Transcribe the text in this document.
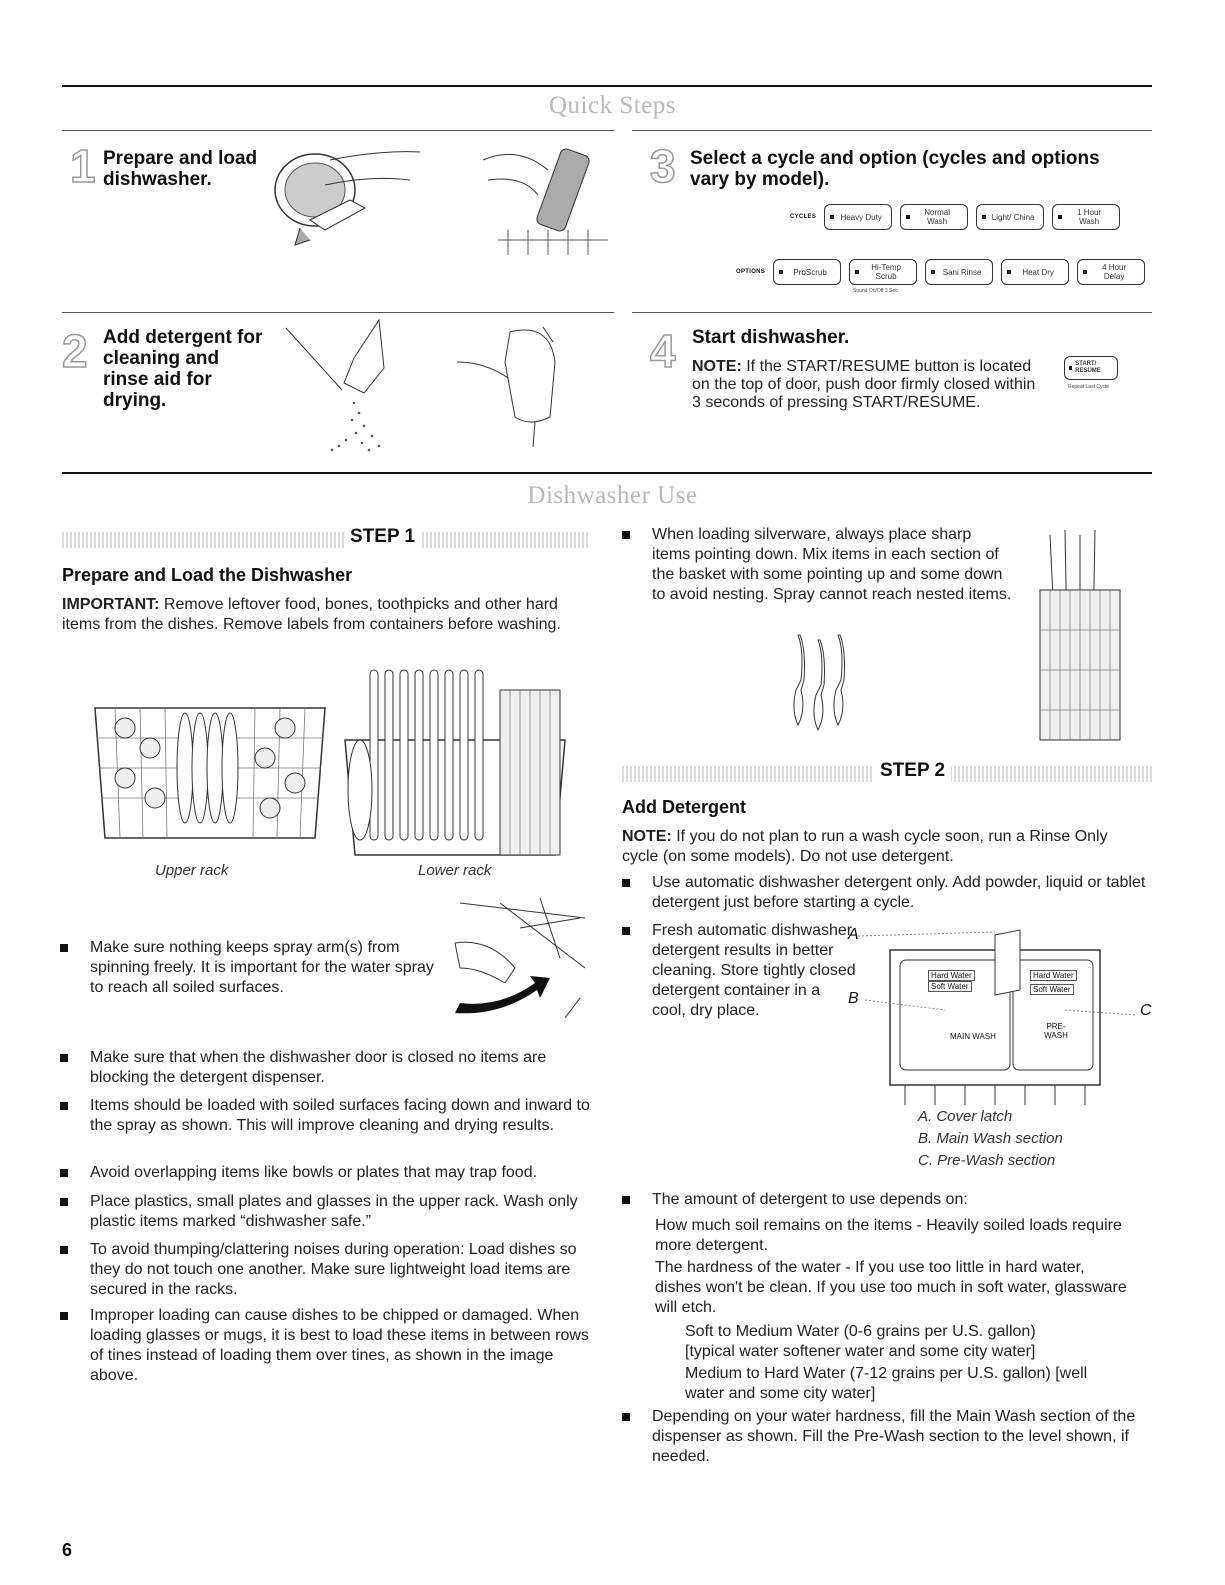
Quick Steps
1 Prepare and load dishwasher.	3 Select a cycle and option (cycles and options vary by model).
CYCLES	Heavy Duty	Normal Wash	Light/ China	1 Hour Wash
OPTIONS	ProScrub	Hi-Temp Scrub	Sani Rinse	Heat Dry	4 Hour Delay
Sound On/Off 3 Sec
2 Add detergent for cleaning and rinse aid for drying.
4 Start dishwasher.
NOTE: If the START/RESUME button is located on the top of door, push door firmly closed within 3 seconds of pressing START/RESUME.
START/ RESUME
Repeat Last Cycle
Dishwasher Use
STEP 1
Prepare and Load the Dishwasher
IMPORTANT: Remove leftover food, bones, toothpicks and other hard items from the dishes. Remove labels from containers before washing.
Upper rack	Lower rack
Make sure nothing keeps spray arm(s) from spinning freely. It is important for the water spray to reach all soiled surfaces.
Make sure that when the dishwasher door is closed no items are blocking the detergent dispenser.
Items should be loaded with soiled surfaces facing down and inward to the spray as shown. This will improve cleaning and drying results.
Avoid overlapping items like bowls or plates that may trap food.
Place plastics, small plates and glasses in the upper rack. Wash only plastic items marked “dishwasher safe.”
To avoid thumping/clattering noises during operation: Load dishes so they do not touch one another. Make sure lightweight load items are secured in the racks.
Improper loading can cause dishes to be chipped or damaged. When loading glasses or mugs, it is best to load these items in between rows of tines instead of loading them over tines, as shown in the image above.
When loading silverware, always place sharp items pointing down. Mix items in each section of the basket with some pointing up and some down to avoid nesting. Spray cannot reach nested items.
STEP 2
Add Detergent
NOTE: If you do not plan to run a wash cycle soon, run a Rinse Only cycle (on some models). Do not use detergent.
Use automatic dishwasher detergent only. Add powder, liquid or tablet detergent just before starting a cycle.
Fresh automatic dishwasher detergent results in better cleaning. Store tightly closed detergent container in a cool, dry place.
A
B
C
Hard Water
Soft Water
Hard Water
Soft Water
MAIN WASH
PRE-WASH
A. Cover latch
B. Main Wash section
C. Pre-Wash section
The amount of detergent to use depends on:
How much soil remains on the items - Heavily soiled loads require more detergent.
The hardness of the water - If you use too little in hard water, dishes won't be clean. If you use too much in soft water, glassware will etch.
Soft to Medium Water (0-6 grains per U.S. gallon) [typical water softener water and some city water]
Medium to Hard Water (7-12 grains per U.S. gallon) [well water and some city water]
Depending on your water hardness, fill the Main Wash section of the dispenser as shown. Fill the Pre-Wash section to the level shown, if needed.
6
